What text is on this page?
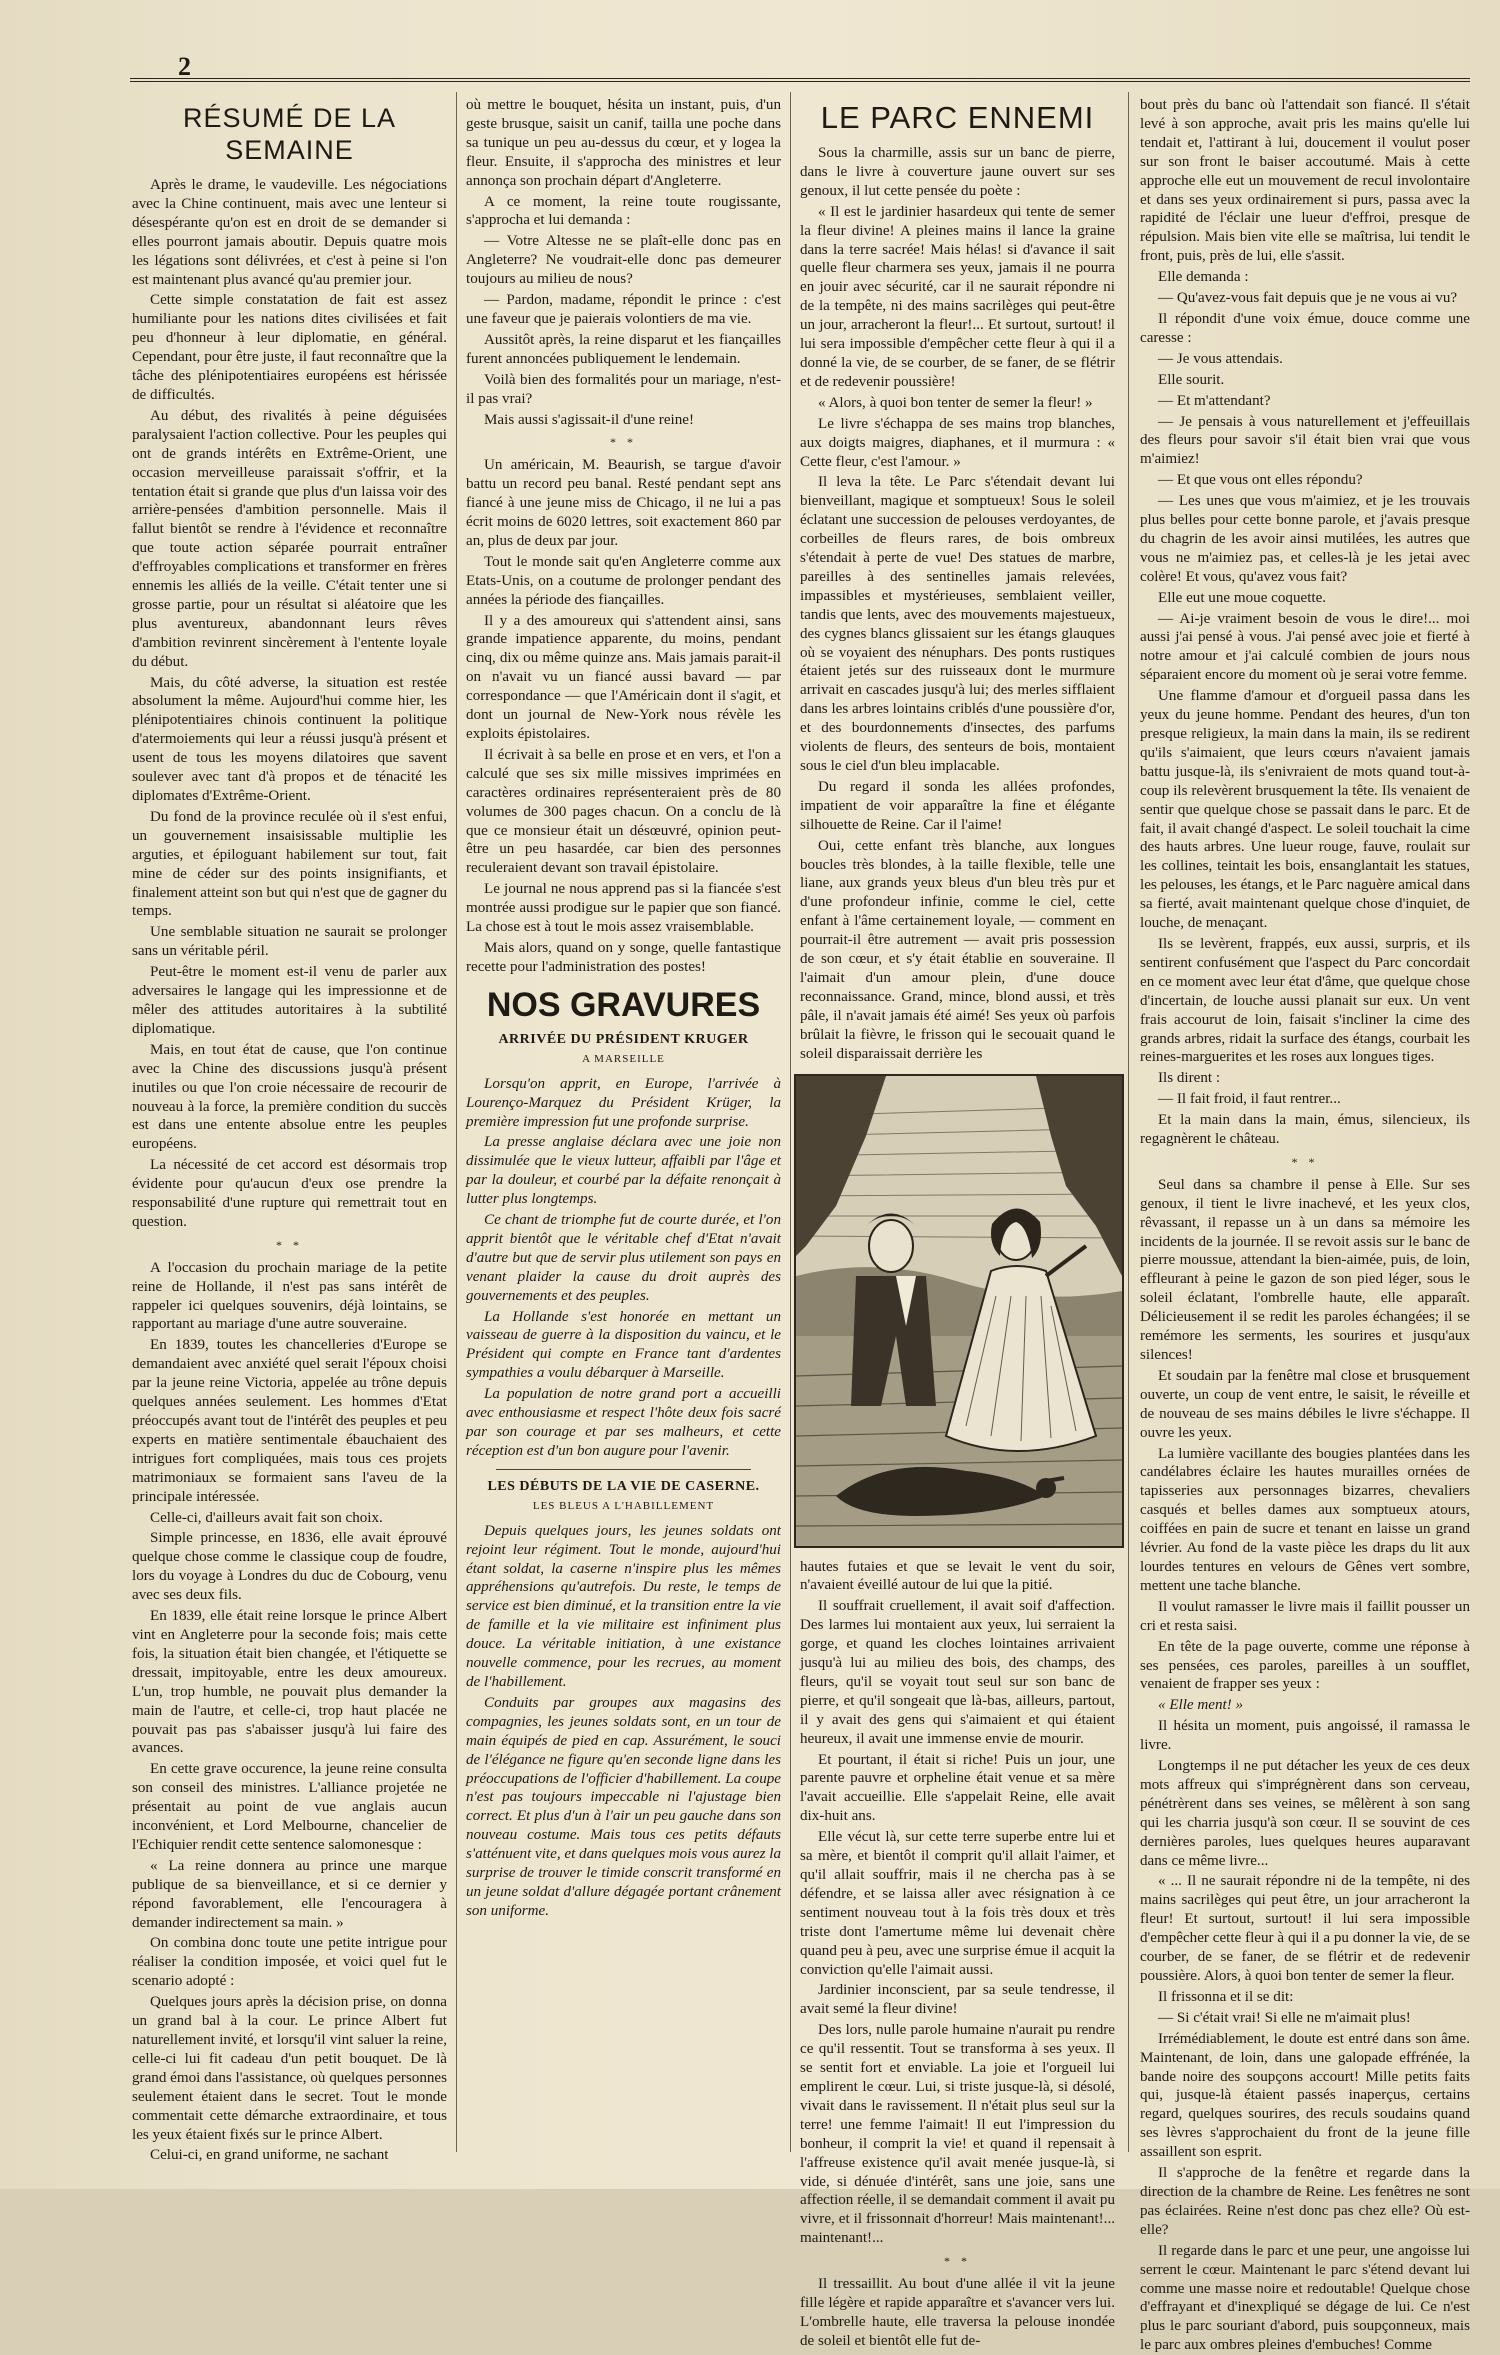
2
RÉSUMÉ DE LA SEMAINE

Après le drame, le vaudeville. Les négociations avec la Chine continuent, mais avec une lenteur si désespérante qu'on est en droit de se demander si elles pourront jamais aboutir. Depuis quatre mois les légations sont délivrées, et c'est à peine si l'on est maintenant plus avancé qu'au premier jour.

Cette simple constatation de fait est assez humiliante pour les nations dites civilisées et fait peu d'honneur à leur diplomatie, en général. Cependant, pour être juste, il faut reconnaître que la tâche des plénipotentiaires européens est hérissée de difficultés.

Au début, des rivalités à peine déguisées paralysaient l'action collective. Pour les peuples qui ont de grands intérêts en Extrême-Orient, une occasion merveilleuse paraissait s'offrir, et la tentation était si grande que plus d'un laissa voir des arrière-pensées d'ambition personnelle. Mais il fallut bientôt se rendre à l'évidence et reconnaître que toute action séparée pourrait entraîner d'effroyables complications et transformer en frères ennemis les alliés de la veille. C'était tenter une si grosse partie, pour un résultat si aléatoire que les plus aventureux, abandonnant leurs rêves d'ambition revinrent sincèrement à l'entente loyale du début.

Mais, du côté adverse, la situation est restée absolument la même. Aujourd'hui comme hier, les plénipotentiaires chinois continuent la politique d'atermoiements qui leur a réussi jusqu'à présent et usent de tous les moyens dilatoires que savent soulever avec tant d'à propos et de ténacité les diplomates d'Extrême-Orient.

Du fond de la province reculée où il s'est enfui, un gouvernement insaisissable multiplie les arguties, et épiloguant habilement sur tout, fait mine de céder sur des points insignifiants, et finalement atteint son but qui n'est que de gagner du temps.

Une semblable situation ne saurait se prolonger sans un véritable péril.

Peut-être le moment est-il venu de parler aux adversaires le langage qui les impressionne et de mêler des attitudes autoritaires à la subtilité diplomatique.

Mais, en tout état de cause, que l'on continue avec la Chine des discussions jusqu'à présent inutiles ou que l'on croie nécessaire de recourir de nouveau à la force, la première condition du succès est dans une entente absolue entre les peuples européens.

La nécessité de cet accord est désormais trop évidente pour qu'aucun d'eux ose prendre la responsabilité d'une rupture qui remettrait tout en question.

* *

A l'occasion du prochain mariage de la petite reine de Hollande, il n'est pas sans intérêt de rappeler ici quelques souvenirs, déjà lointains, se rapportant au mariage d'une autre souveraine.

En 1839, toutes les chancelleries d'Europe se demandaient avec anxiété quel serait l'époux choisi par la jeune reine Victoria, appelée au trône depuis quelques années seulement. Les hommes d'Etat préoccupés avant tout de l'intérêt des peuples et peu experts en matière sentimentale ébauchaient des intrigues fort compliquées, mais tous ces projets matrimoniaux se formaient sans l'aveu de la principale intéressée.

Celle-ci, d'ailleurs avait fait son choix.

Simple princesse, en 1836, elle avait éprouvé quelque chose comme le classique coup de foudre, lors du voyage à Londres du duc de Cobourg, venu avec ses deux fils.

En 1839, elle était reine lorsque le prince Albert vint en Angleterre pour la seconde fois; mais cette fois, la situation était bien changée, et l'étiquette se dressait, impitoyable, entre les deux amoureux. L'un, trop humble, ne pouvait plus demander la main de l'autre, et celle-ci, trop haut placée ne pouvait pas pas s'abaisser jusqu'à lui faire des avances.

En cette grave occurence, la jeune reine consulta son conseil des ministres. L'alliance projetée ne présentait au point de vue anglais aucun inconvénient, et Lord Melbourne, chancelier de l'Echiquier rendit cette sentence salomonesque :

« La reine donnera au prince une marque publique de sa bienveillance, et si ce dernier y répond favorablement, elle l'encouragera à demander indirectement sa main. »

On combina donc toute une petite intrigue pour réaliser la condition imposée, et voici quel fut le scenario adopté :

Quelques jours après la décision prise, on donna un grand bal à la cour. Le prince Albert fut naturellement invité, et lorsqu'il vint saluer la reine, celle-ci lui fit cadeau d'un petit bouquet. De là grand émoi dans l'assistance, où quelques personnes seulement étaient dans le secret. Tout le monde commentait cette démarche extraordinaire, et tous les yeux étaient fixés sur le prince Albert.

Celui-ci, en grand uniforme, ne sachant

où mettre le bouquet, hésita un instant, puis, d'un geste brusque, saisit un canif, tailla une poche dans sa tunique un peu au-dessus du cœur, et y logea la fleur. Ensuite, il s'approcha des ministres et leur annonça son prochain départ d'Angleterre.

A ce moment, la reine toute rougissante, s'approcha et lui demanda :

— Votre Altesse ne se plaît-elle donc pas en Angleterre? Ne voudrait-elle donc pas demeurer toujours au milieu de nous?

— Pardon, madame, répondit le prince : c'est une faveur que je paierais volontiers de ma vie.

Aussitôt après, la reine disparut et les fiançailles furent annoncées publiquement le lendemain.

Voilà bien des formalités pour un mariage, n'est-il pas vrai?

Mais aussi s'agissait-il d'une reine!

* *

Un américain, M. Beaurish, se targue d'avoir battu un record peu banal. Resté pendant sept ans fiancé à une jeune miss de Chicago, il ne lui a pas écrit moins de 6020 lettres, soit exactement 860 par an, plus de deux par jour.

Tout le monde sait qu'en Angleterre comme aux Etats-Unis, on a coutume de prolonger pendant des années la période des fiançailles.

Il y a des amoureux qui s'attendent ainsi, sans grande impatience apparente, du moins, pendant cinq, dix ou même quinze ans. Mais jamais parait-il on n'avait vu un fiancé aussi bavard — par correspondance — que l'Américain dont il s'agit, et dont un journal de New-York nous révèle les exploits épistolaires.

Il écrivait à sa belle en prose et en vers, et l'on a calculé que ses six mille missives imprimées en caractères ordinaires représenteraient près de 80 volumes de 300 pages chacun. On a conclu de là que ce monsieur était un désœuvré, opinion peut-être un peu hasardée, car bien des personnes reculeraient devant son travail épistolaire.

Le journal ne nous apprend pas si la fiancée s'est montrée aussi prodigue sur le papier que son fiancé. La chose est à tout le mois assez vraisemblable.

Mais alors, quand on y songe, quelle fantastique recette pour l'administration des postes!

NOS GRAVURES
ARRIVÉE DU PRÉSIDENT KRUGER
A MARSEILLE

Lorsqu'on apprit, en Europe, l'arrivée à Lourenço-Marquez du Président Krüger, la première impression fut une profonde surprise.

La presse anglaise déclara avec une joie non dissimulée que le vieux lutteur, affaibli par l'âge et par la douleur, et courbé par la défaite renonçait à lutter plus longtemps.

Ce chant de triomphe fut de courte durée, et l'on apprit bientôt que le véritable chef d'Etat n'avait d'autre but que de servir plus utilement son pays en venant plaider la cause du droit auprès des gouvernements et des peuples.

La Hollande s'est honorée en mettant un vaisseau de guerre à la disposition du vaincu, et le Président qui compte en France tant d'ardentes sympathies a voulu débarquer à Marseille.

La population de notre grand port a accueilli avec enthousiasme et respect l'hôte deux fois sacré par son courage et par ses malheurs, et cette réception est d'un bon augure pour l'avenir.

LES DÉBUTS DE LA VIE DE CASERNE.
LES BLEUS A L'HABILLEMENT

Depuis quelques jours, les jeunes soldats ont rejoint leur régiment. Tout le monde, aujourd'hui étant soldat, la caserne n'inspire plus les mêmes appréhensions qu'autrefois. Du reste, le temps de service est bien diminué, et la transition entre la vie de famille et la vie militaire est infiniment plus douce. La véritable initiation, à une existance nouvelle commence, pour les recrues, au moment de l'habillement.

Conduits par groupes aux magasins des compagnies, les jeunes soldats sont, en un tour de main équipés de pied en cap. Assurément, le souci de l'élégance ne figure qu'en seconde ligne dans les préoccupations de l'officier d'habillement. La coupe n'est pas toujours impeccable ni l'ajustage bien correct. Et plus d'un à l'air un peu gauche dans son nouveau costume. Mais tous ces petits défauts s'atténuent vite, et dans quelques mois vous aurez la surprise de trouver le timide conscrit transformé en un jeune soldat d'allure dégagée portant crânement son uniforme.

LE PARC ENNEMI

Sous la charmille, assis sur un banc de pierre, dans le livre à couverture jaune ouvert sur ses genoux, il lut cette pensée du poète :

« Il est le jardinier hasardeux qui tente de semer la fleur divine! A pleines mains il lance la graine dans la terre sacrée! Mais hélas! si d'avance il sait quelle fleur charmera ses yeux, jamais il ne pourra en jouir avec sécurité, car il ne saurait répondre ni de la tempête, ni des mains sacrilèges qui peut-être un jour, arracheront la fleur!... Et surtout, surtout! il lui sera impossible d'empêcher cette fleur à qui il a donné la vie, de se courber, de se faner, de se flétrir et de redevenir poussière!

« Alors, à quoi bon tenter de semer la fleur! »

Le livre s'échappa de ses mains trop blanches, aux doigts maigres, diaphanes, et il murmura : « Cette fleur, c'est l'amour. »

Il leva la tête. Le Parc s'étendait devant lui bienveillant, magique et somptueux! Sous le soleil éclatant une succession de pelouses verdoyantes, de corbeilles de fleurs rares, de bois ombreux s'étendait à perte de vue! Des statues de marbre, pareilles à des sentinelles jamais relevées, impassibles et mystérieuses, semblaient veiller, tandis que lents, avec des mouvements majestueux, des cygnes blancs glissaient sur les étangs glauques où se voyaient des nénuphars. Des ponts rustiques étaient jetés sur des ruisseaux dont le murmure arrivait en cascades jusqu'à lui; des merles sifflaient dans les arbres lointains criblés d'une poussière d'or, et des bourdonnements d'insectes, des parfums violents de fleurs, des senteurs de bois, montaient sous le ciel d'un bleu implacable.

Du regard il sonda les allées profondes, impatient de voir apparaître la fine et élégante silhouette de Reine. Car il l'aime!

Oui, cette enfant très blanche, aux longues boucles très blondes, à la taille flexible, telle une liane, aux grands yeux bleus d'un bleu très pur et d'une profondeur infinie, comme le ciel, cette enfant à l'âme certainement loyale, — comment en pourrait-il être autrement — avait pris possession de son cœur, et s'y était établie en souveraine. Il l'aimait d'un amour plein, d'une douce reconnaissance. Grand, mince, blond aussi, et très pâle, il n'avait jamais été aimé! Ses yeux où parfois brûlait la fièvre, le frisson qui le secouait quand le soleil disparaissait derrière les

hautes futaies et que se levait le vent du soir, n'avaient éveillé autour de lui que la pitié.

Il souffrait cruellement, il avait soif d'affection. Des larmes lui montaient aux yeux, lui serraient la gorge, et quand les cloches lointaines arrivaient jusqu'à lui au milieu des bois, des champs, des fleurs, qu'il se voyait tout seul sur son banc de pierre, et qu'il songeait que là-bas, ailleurs, partout, il y avait des gens qui s'aimaient et qui étaient heureux, il avait une immense envie de mourir.

Et pourtant, il était si riche! Puis un jour, une parente pauvre et orpheline était venue et sa mère l'avait accueillie. Elle s'appelait Reine, elle avait dix-huit ans.

Elle vécut là, sur cette terre superbe entre lui et sa mère, et bientôt il comprit qu'il allait l'aimer, et qu'il allait souffrir, mais il ne chercha pas à se défendre, et se laissa aller avec résignation à ce sentiment nouveau tout à la fois très doux et très triste dont l'amertume même lui devenait chère quand peu à peu, avec une surprise émue il acquit la conviction qu'elle l'aimait aussi.

Jardinier inconscient, par sa seule tendresse, il avait semé la fleur divine!

Des lors, nulle parole humaine n'aurait pu rendre ce qu'il ressentit. Tout se transforma à ses yeux. Il se sentit fort et enviable. La joie et l'orgueil lui emplirent le cœur. Lui, si triste jusque-là, si désolé, vivait dans le ravissement. Il n'était plus seul sur la terre! une femme l'aimait! Il eut l'impression du bonheur, il comprit la vie! et quand il repensait à l'affreuse existence qu'il avait menée jusque-là, si vide, si dénuée d'intérêt, sans une joie, sans une affection réelle, il se demandait comment il avait pu vivre, et il frissonnait d'horreur! Mais maintenant!... maintenant!...

* *

Il tressaillit. Au bout d'une allée il vit la jeune fille légère et rapide apparaître et s'avancer vers lui. L'ombrelle haute, elle traversa la pelouse inondée de soleil et bientôt elle fut de-

bout près du banc où l'attendait son fiancé. Il s'était levé à son approche, avait pris les mains qu'elle lui tendait et, l'attirant à lui, doucement il voulut poser sur son front le baiser accoutumé. Mais à cette approche elle eut un mouvement de recul involontaire et dans ses yeux ordinairement si purs, passa avec la rapidité de l'éclair une lueur d'effroi, presque de répulsion. Mais bien vite elle se maîtrisa, lui tendit le front, puis, près de lui, elle s'assit.

Elle demanda :

— Qu'avez-vous fait depuis que je ne vous ai vu?

Il répondit d'une voix émue, douce comme une caresse :

— Je vous attendais.

Elle sourit.

— Et m'attendant?

— Je pensais à vous naturellement et j'effeuillais des fleurs pour savoir s'il était bien vrai que vous m'aimiez!

— Et que vous ont elles répondu?

— Les unes que vous m'aimiez, et je les trouvais plus belles pour cette bonne parole, et j'avais presque du chagrin de les avoir ainsi mutilées, les autres que vous ne m'aimiez pas, et celles-là je les jetai avec colère! Et vous, qu'avez vous fait?

Elle eut une moue coquette.

— Ai-je vraiment besoin de vous le dire!... moi aussi j'ai pensé à vous. J'ai pensé avec joie et fierté à notre amour et j'ai calculé combien de jours nous séparaient encore du moment où je serai votre femme.

Une flamme d'amour et d'orgueil passa dans les yeux du jeune homme. Pendant des heures, d'un ton presque religieux, la main dans la main, ils se redirent qu'ils s'aimaient, que leurs cœurs n'avaient jamais battu jusque-là, ils s'enivraient de mots quand tout-à-coup ils relevèrent brusquement la tête. Ils venaient de sentir que quelque chose se passait dans le parc. Et de fait, il avait changé d'aspect. Le soleil touchait la cime des hauts arbres. Une lueur rouge, fauve, roulait sur les collines, teintait les bois, ensanglantait les statues, les pelouses, les étangs, et le Parc naguère amical dans sa fierté, avait maintenant quelque chose d'inquiet, de louche, de menaçant.

Ils se levèrent, frappés, eux aussi, surpris, et ils sentirent confusément que l'aspect du Parc concordait en ce moment avec leur état d'âme, que quelque chose d'incertain, de louche aussi planait sur eux. Un vent frais accourut de loin, faisait s'incliner la cime des grands arbres, ridait la surface des étangs, courbait les reines-marguerites et les roses aux longues tiges.

Ils dirent :

— Il fait froid, il faut rentrer...

Et la main dans la main, émus, silencieux, ils regagnèrent le château.

* *

Seul dans sa chambre il pense à Elle. Sur ses genoux, il tient le livre inachevé, et les yeux clos, rêvassant, il repasse un à un dans sa mémoire les incidents de la journée. Il se revoit assis sur le banc de pierre moussue, attendant la bien-aimée, puis, de loin, effleurant à peine le gazon de son pied léger, sous le soleil éclatant, l'ombrelle haute, elle apparaît. Délicieusement il se redit les paroles échangées; il se remémore les serments, les sourires et jusqu'aux silences!

Et soudain par la fenêtre mal close et brusquement ouverte, un coup de vent entre, le saisit, le réveille et de nouveau de ses mains débiles le livre s'échappe. Il ouvre les yeux.

La lumière vacillante des bougies plantées dans les candélabres éclaire les hautes murailles ornées de tapisseries aux personnages bizarres, chevaliers casqués et belles dames aux somptueux atours, coiffées en pain de sucre et tenant en laisse un grand lévrier. Au fond de la vaste pièce les draps du lit aux lourdes tentures en velours de Gênes vert sombre, mettent une tache blanche.

Il voulut ramasser le livre mais il faillit pousser un cri et resta saisi.

En tête de la page ouverte, comme une réponse à ses pensées, ces paroles, pareilles à un soufflet, venaient de frapper ses yeux :

« Elle ment! »

Il hésita un moment, puis angoissé, il ramassa le livre.

Longtemps il ne put détacher les yeux de ces deux mots affreux qui s'imprégnèrent dans son cerveau, pénétrèrent dans ses veines, se mêlèrent à son sang qui les charria jusqu'à son cœur. Il se souvint de ces dernières paroles, lues quelques heures auparavant dans ce même livre...

« ... Il ne saurait répondre ni de la tempête, ni des mains sacrilèges qui peut être, un jour arracheront la fleur! Et surtout, surtout! il lui sera impossible d'empêcher cette fleur à qui il a pu donner la vie, de se courber, de se faner, de se flétrir et de redevenir poussière. Alors, à quoi bon tenter de semer la fleur.

Il frissonna et il se dit:

— Si c'était vrai! Si elle ne m'aimait plus!

Irrémédiablement, le doute est entré dans son âme. Maintenant, de loin, dans une galopade effrénée, la bande noire des soupçons accourt! Mille petits faits qui, jusque-là étaient passés inaperçus, certains regard, quelques sourires, des reculs soudains quand ses lèvres s'approchaient du front de la jeune fille assaillent son esprit.

Il s'approche de la fenêtre et regarde dans la direction de la chambre de Reine. Les fenêtres ne sont pas éclairées. Reine n'est donc pas chez elle? Où est-elle?

Il regarde dans le parc et une peur, une angoisse lui serrent le cœur. Maintenant le parc s'étend devant lui comme une masse noire et redoutable! Quelque chose d'effrayant et d'inexpliqué se dégage de lui. Ce n'est plus le parc souriant d'abord, puis soupçonneux, mais le parc aux ombres pleines d'embuches! Comme
